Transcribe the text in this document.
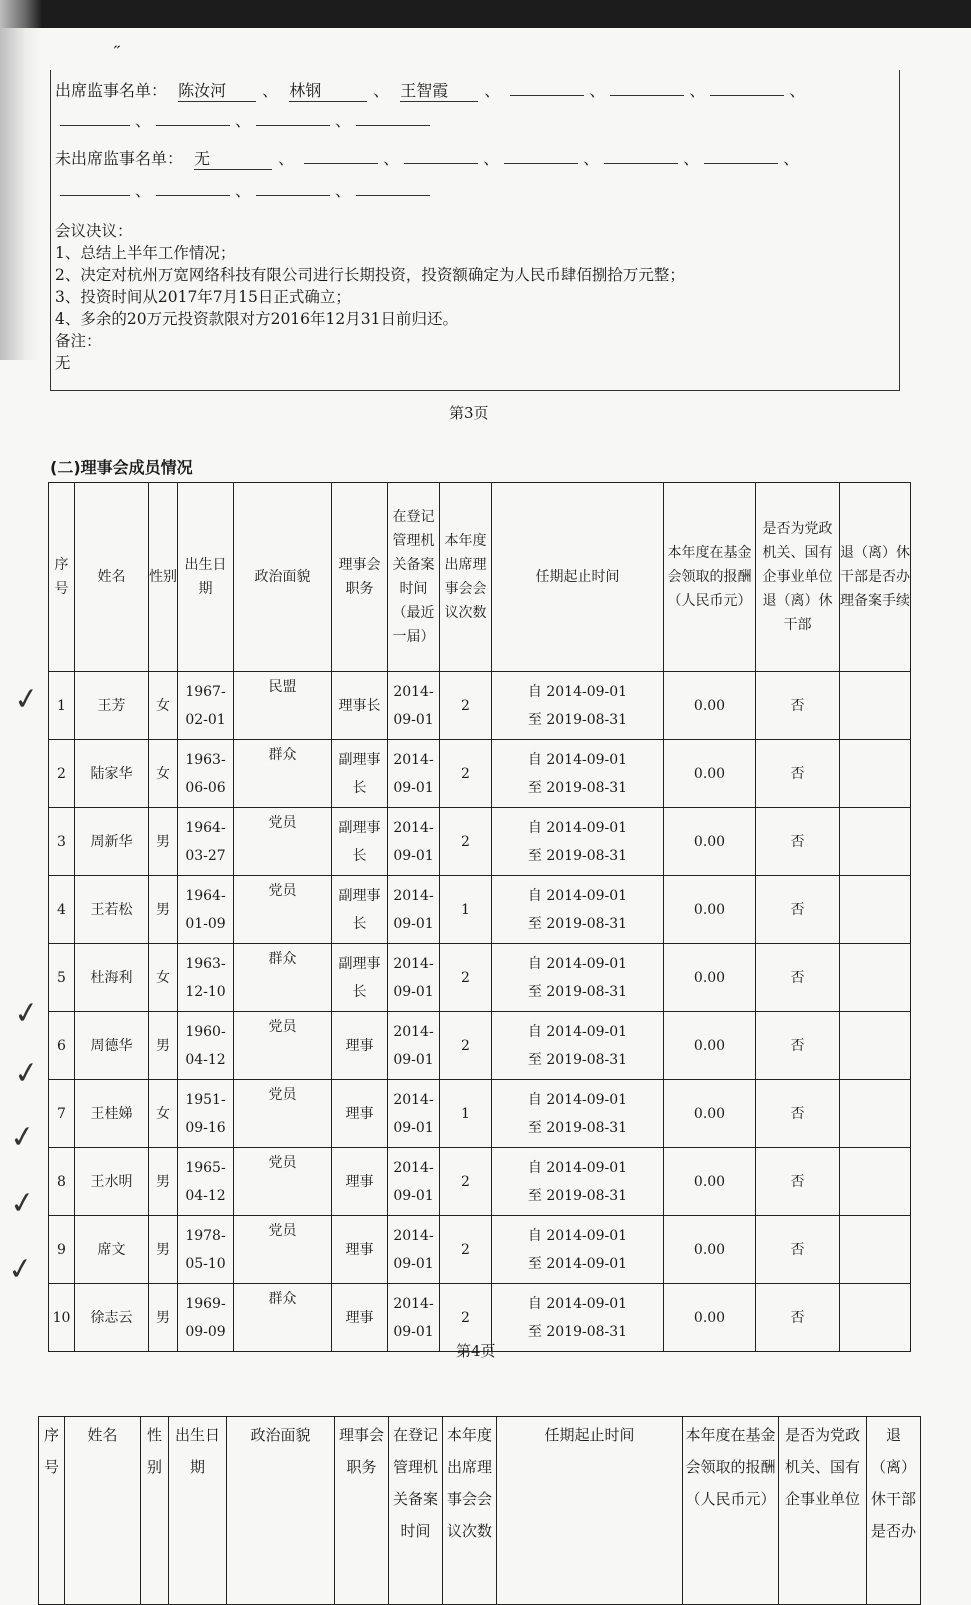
˶
出席监事名单： 陈汝河 、 林钢	、 王智霞 、	、	、	、
、	、	、
未出席监事名单： 无	、	、	、	、	、	、
、	、	、
会议决议：
1、总结上半年工作情况；
2、决定对杭州万宽网络科技有限公司进行长期投资，投资额确定为人民币肆佰捌拾万元整；
3、投资时间从2017年7月15日正式确立；
4、多余的20万元投资款限对方2016年12月31日前归还。
备注：
无
第3页
(二)理事会成员情况
序号	姓名	性别	出生日期	政治面貌	理事会职务	在登记管理机关备案时间（最近一届）	本年度出席理事会会议次数	任期起止时间	本年度在基金会领取的报酬（人民币元）	是否为党政机关、国有企事业单位退（离）休干部	退（离）休干部是否办理备案手续
1	王芳	女	1967-02-01	民盟	理事长	2014-09-01	2	自 2014-09-01
至 2019-08-31	0.00	否	
2	陆家华	女	1963-06-06	群众	副理事长	2014-09-01	2	自 2014-09-01
至 2019-08-31	0.00	否	
3	周新华	男	1964-03-27	党员	副理事长	2014-09-01	2	自 2014-09-01
至 2019-08-31	0.00	否	
4	王若松	男	1964-01-09	党员	副理事长	2014-09-01	1	自 2014-09-01
至 2019-08-31	0.00	否	
5	杜海利	女	1963-12-10	群众	副理事长	2014-09-01	2	自 2014-09-01
至 2019-08-31	0.00	否	
6	周德华	男	1960-04-12	党员	理事	2014-09-01	2	自 2014-09-01
至 2019-08-31	0.00	否	
7	王桂娣	女	1951-09-16	党员	理事	2014-09-01	1	自 2014-09-01
至 2019-08-31	0.00	否	
8	王水明	男	1965-04-12	党员	理事	2014-09-01	2	自 2014-09-01
至 2019-08-31	0.00	否	
9	席文	男	1978-05-10	党员	理事	2014-09-01	2	自 2014-09-01
至 2014-09-01	0.00	否	
10	徐志云	男	1969-09-09	群众	理事	2014-09-01	2	自 2014-09-01
至 2019-08-31	0.00	否	
✓
✓
✓
✓
✓
✓
第4页
序号	姓名	性别	出生日期	政治面貌	理事会职务	在登记管理机关备案时间	本年度出席理事会会议次数	任期起止时间	本年度在基金会领取的报酬（人民币元）	是否为党政机关、国有企事业单位	退（离）休干部是否办
